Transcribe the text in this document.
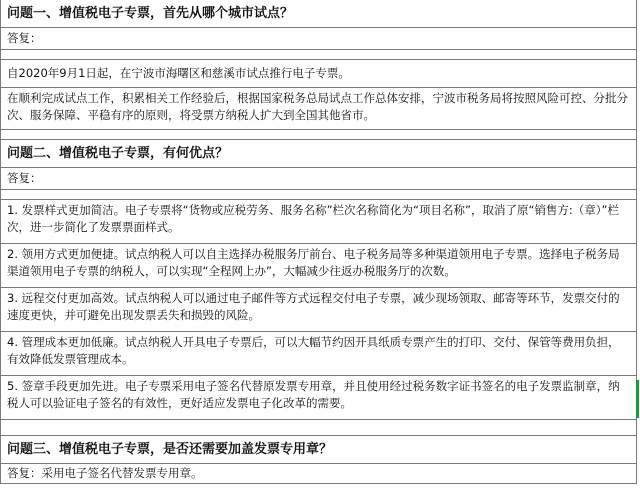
问题一、增值税电子专票，首先从哪个城市试点？
答复：
自2020年9月1日起，在宁波市海曙区和慈溪市试点推行电子专票。
在顺利完成试点工作，积累相关工作经验后，根据国家税务总局试点工作总体安排，宁波市税务局将按照风险可控、分批分次、服务保障、平稳有序的原则，将受票方纳税人扩大到全国其他省市。
问题二、增值税电子专票，有何优点？
答复：
1. 发票样式更加简洁。电子专票将“货物或应税劳务、服务名称”栏次名称简化为“项目名称”，取消了原“销售方:（章）”栏次，进一步简化了发票票面样式。
2. 领用方式更加便捷。试点纳税人可以自主选择办税服务厅前台、电子税务局等多种渠道领用电子专票。选择电子税务局渠道领用电子专票的纳税人，可以实现“全程网上办”，大幅减少往返办税服务厅的次数。
3. 远程交付更加高效。试点纳税人可以通过电子邮件等方式远程交付电子专票，减少现场领取、邮寄等环节，发票交付的速度更快，并可避免出现发票丢失和损毁的风险。
4. 管理成本更加低廉。试点纳税人开具电子专票后，可以大幅节约因开具纸质专票产生的打印、交付、保管等费用负担，有效降低发票管理成本。
5. 签章手段更加先进。电子专票采用电子签名代替原发票专用章，并且使用经过税务数字证书签名的电子发票监制章，纳税人可以验证电子签名的有效性，更好适应发票电子化改革的需要。
问题三、增值税电子专票，是否还需要加盖发票专用章？
答复：采用电子签名代替发票专用章。
